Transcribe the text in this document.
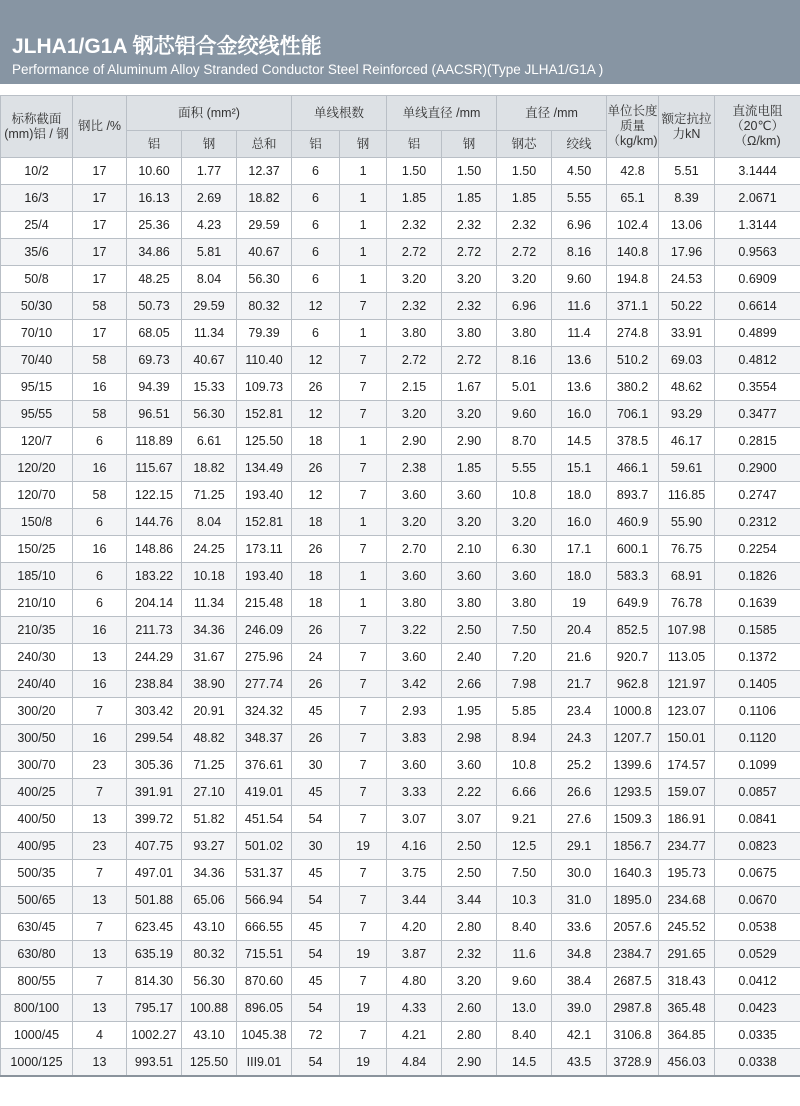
JLHA1/G1A 钢芯铝合金绞线性能
Performance of Aluminum Alloy Stranded Conductor Steel Reinforced (AACSR)(Type JLHA1/G1A )
标称截面(mm)铝 / 钢	钢比 /%	面积 (mm²)			单线根数		单线直径 /mm		直径 /mm		单位长度质量（kg/km)	额定抗拉力kN	直流电阻（20℃）（Ω/km)
		铝	钢	总和	铝	钢	铝	钢	钢芯	绞线			
10/2	17	10.60	1.77	12.37	6	1	1.50	1.50	1.50	4.50	42.8	5.51	3.1444
16/3	17	16.13	2.69	18.82	6	1	1.85	1.85	1.85	5.55	65.1	8.39	2.0671
25/4	17	25.36	4.23	29.59	6	1	2.32	2.32	2.32	6.96	102.4	13.06	1.3144
35/6	17	34.86	5.81	40.67	6	1	2.72	2.72	2.72	8.16	140.8	17.96	0.9563
50/8	17	48.25	8.04	56.30	6	1	3.20	3.20	3.20	9.60	194.8	24.53	0.6909
50/30	58	50.73	29.59	80.32	12	7	2.32	2.32	6.96	11.6	371.1	50.22	0.6614
70/10	17	68.05	11.34	79.39	6	1	3.80	3.80	3.80	11.4	274.8	33.91	0.4899
70/40	58	69.73	40.67	110.40	12	7	2.72	2.72	8.16	13.6	510.2	69.03	0.4812
95/15	16	94.39	15.33	109.73	26	7	2.15	1.67	5.01	13.6	380.2	48.62	0.3554
95/55	58	96.51	56.30	152.81	12	7	3.20	3.20	9.60	16.0	706.1	93.29	0.3477
120/7	6	118.89	6.61	125.50	18	1	2.90	2.90	8.70	14.5	378.5	46.17	0.2815
120/20	16	115.67	18.82	134.49	26	7	2.38	1.85	5.55	15.1	466.1	59.61	0.2900
120/70	58	122.15	71.25	193.40	12	7	3.60	3.60	10.8	18.0	893.7	116.85	0.2747
150/8	6	144.76	8.04	152.81	18	1	3.20	3.20	3.20	16.0	460.9	55.90	0.2312
150/25	16	148.86	24.25	173.11	26	7	2.70	2.10	6.30	17.1	600.1	76.75	0.2254
185/10	6	183.22	10.18	193.40	18	1	3.60	3.60	3.60	18.0	583.3	68.91	0.1826
210/10	6	204.14	11.34	215.48	18	1	3.80	3.80	3.80	19	649.9	76.78	0.1639
210/35	16	211.73	34.36	246.09	26	7	3.22	2.50	7.50	20.4	852.5	107.98	0.1585
240/30	13	244.29	31.67	275.96	24	7	3.60	2.40	7.20	21.6	920.7	113.05	0.1372
240/40	16	238.84	38.90	277.74	26	7	3.42	2.66	7.98	21.7	962.8	121.97	0.1405
300/20	7	303.42	20.91	324.32	45	7	2.93	1.95	5.85	23.4	1000.8	123.07	0.1106
300/50	16	299.54	48.82	348.37	26	7	3.83	2.98	8.94	24.3	1207.7	150.01	0.1120
300/70	23	305.36	71.25	376.61	30	7	3.60	3.60	10.8	25.2	1399.6	174.57	0.1099
400/25	7	391.91	27.10	419.01	45	7	3.33	2.22	6.66	26.6	1293.5	159.07	0.0857
400/50	13	399.72	51.82	451.54	54	7	3.07	3.07	9.21	27.6	1509.3	186.91	0.0841
400/95	23	407.75	93.27	501.02	30	19	4.16	2.50	12.5	29.1	1856.7	234.77	0.0823
500/35	7	497.01	34.36	531.37	45	7	3.75	2.50	7.50	30.0	1640.3	195.73	0.0675
500/65	13	501.88	65.06	566.94	54	7	3.44	3.44	10.3	31.0	1895.0	234.68	0.0670
630/45	7	623.45	43.10	666.55	45	7	4.20	2.80	8.40	33.6	2057.6	245.52	0.0538
630/80	13	635.19	80.32	715.51	54	19	3.87	2.32	11.6	34.8	2384.7	291.65	0.0529
800/55	7	814.30	56.30	870.60	45	7	4.80	3.20	9.60	38.4	2687.5	318.43	0.0412
800/100	13	795.17	100.88	896.05	54	19	4.33	2.60	13.0	39.0	2987.8	365.48	0.0423
1000/45	4	1002.27	43.10	1045.38	72	7	4.21	2.80	8.40	42.1	3106.8	364.85	0.0335
1000/125	13	993.51	125.50	III9.01	54	19	4.84	2.90	14.5	43.5	3728.9	456.03	0.0338
